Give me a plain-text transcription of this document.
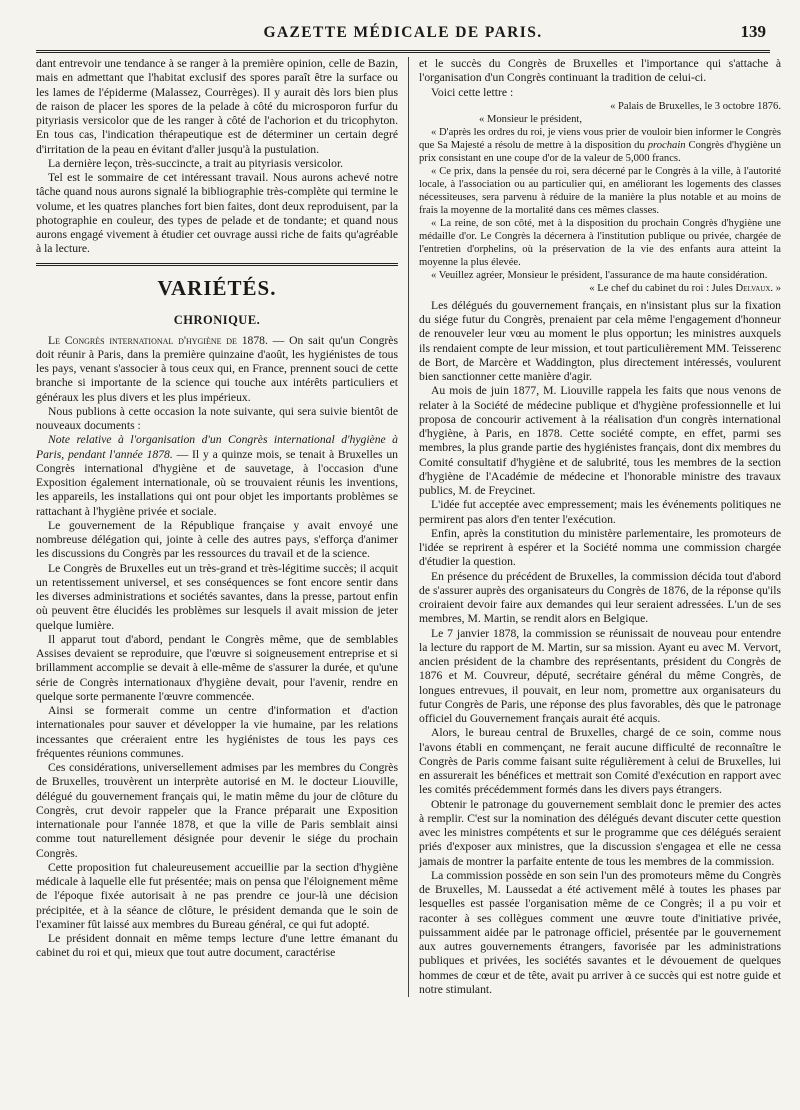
GAZETTE MÉDICALE DE PARIS.	139

dant entrevoir une tendance à se ranger à la première opinion, celle de Bazin, mais en admettant que l'habitat exclusif des spores paraît être la surface ou les lames de l'épiderme (Malassez, Courrèges). Il y aurait dès lors bien plus de raison de placer les spores de la pelade à côté du microsporon furfur du pityriasis versicolor que de les ranger à côté de l'achorion et du tricophyton. En tous cas, l'indication thérapeutique est de déterminer un certain degré d'irritation de la peau en évitant d'aller jusqu'à la pustulation.

La dernière leçon, très-succincte, a trait au pityriasis versicolor.

Tel est le sommaire de cet intéressant travail. Nous aurons achevé notre tâche quand nous aurons signalé la bibliographie très-complète qui termine le volume, et les quatres planches fort bien faites, dont deux reproduisent, par la photographie en couleur, des types de pelade et de tondante; et quand nous aurons engagé vivement à étudier cet ouvrage aussi riche de faits qu'agréable à la lecture.

VARIÉTÉS.
CHRONIQUE.

Le Congrès international d'hygiène de 1878. — On sait qu'un Congrès doit réunir à Paris, dans la première quinzaine d'août, les hygiénistes de tous les pays, venant s'associer à tous ceux qui, en France, prennent souci de cette branche si importante de la science qui touche aux intérêts particuliers et généraux les plus divers et les plus impérieux.

Nous publions à cette occasion la note suivante, qui sera suivie bientôt de nouveaux documents :

Note relative à l'organisation d'un Congrès international d'hygiène à Paris, pendant l'année 1878. — Il y a quinze mois, se tenait à Bruxelles un Congrès international d'hygiène et de sauvetage, à l'occasion d'une Exposition également internationale, où se trouvaient réunis les inventions, les appareils, les installations qui ont pour objet les importants problèmes se rattachant à l'hygiène privée et sociale.

Le gouvernement de la République française y avait envoyé une nombreuse délégation qui, jointe à celle des autres pays, s'efforça d'animer les discussions du Congrès par les ressources du travail et de la science.

Le Congrès de Bruxelles eut un très-grand et très-légitime succès; il acquit un retentissement universel, et ses conséquences se font encore sentir dans les diverses administrations et sociétés savantes, dans la presse, partout enfin où peuvent être élucidés les problèmes sur lesquels il avait mission de jeter quelque lumière.

Il apparut tout d'abord, pendant le Congrès même, que de semblables Assises devaient se reproduire, que l'œuvre si soigneusement entreprise et si brillamment accomplie se devait à elle-même de s'assurer la durée, et qu'une série de Congrès internationaux d'hygiène devait, pour l'avenir, rendre en quelque sorte permanente l'œuvre commencée.

Ainsi se formerait comme un centre d'information et d'action internationales pour sauver et développer la vie humaine, par les relations incessantes que créeraient entre les hygiénistes de tous les pays ces fréquentes réunions communes.

Ces considérations, universellement admises par les membres du Congrès de Bruxelles, trouvèrent un interprète autorisé en M. le docteur Liouville, délégué du gouvernement français qui, le matin même du jour de clôture du Congrès, crut devoir rappeler que la France préparait une Exposition internationale pour l'année 1878, et que la ville de Paris semblait ainsi comme tout naturellement désignée pour devenir le siége du prochain Congrès.

Cette proposition fut chaleureusement accueillie par la section d'hygiène médicale à laquelle elle fut présentée; mais on pensa que l'éloignement même de l'époque fixée autorisait à ne pas prendre ce jour-là une décision précipitée, et à la séance de clôture, le président demanda que le soin de l'examiner fût laissé aux membres du Bureau général, ce qui fut adopté.

Le président donnait en même temps lecture d'une lettre émanant du cabinet du roi et qui, mieux que tout autre document, caractérise

et le succès du Congrès de Bruxelles et l'importance qui s'attache à l'organisation d'un Congrès continuant la tradition de celui-ci.

Voici cette lettre :

« Palais de Bruxelles, le 3 octobre 1876.

« Monsieur le président,

« D'après les ordres du roi, je viens vous prier de vouloir bien informer le Congrès que Sa Majesté a résolu de mettre à la disposition du prochain Congrès d'hygiène un prix consistant en une coupe d'or de la valeur de 5,000 francs.

« Ce prix, dans la pensée du roi, sera décerné par le Congrès à la ville, à l'autorité locale, à l'association ou au particulier qui, en améliorant les logements des classes nécessiteuses, sera parvenu à réduire de la manière la plus notable et au moins de frais la moyenne de la mortalité dans ces mêmes classes.

« La reine, de son côté, met à la disposition du prochain Congrès d'hygiène une médaille d'or. Le Congrès la décernera à l'institution publique ou privée, chargée de l'entretien d'orphelins, où la préservation de la vie des enfants aura atteint la moyenne la plus élevée.

« Veuillez agréer, Monsieur le président, l'assurance de ma haute considération.

« Le chef du cabinet du roi : Jules Delvaux. »

Les délégués du gouvernement français, en n'insistant plus sur la fixation du siége futur du Congrès, prenaient par cela même l'engagement d'honneur de renouveler leur vœu au moment le plus opportun; les ministres auxquels ils rendaient compte de leur mission, et tout particulièrement MM. Teisserenc de Bort, de Marcère et Waddington, plus directement intéressés, voulurent bien sanctionner cette manière d'agir.

Au mois de juin 1877, M. Liouville rappela les faits que nous venons de relater à la Société de médecine publique et d'hygiène professionnelle et lui proposa de concourir activement à la réalisation d'un congrès international d'hygiène, à Paris, en 1878. Cette société compte, en effet, parmi ses membres, la plus grande partie des hygiénistes français, dont dix membres du Comité consultatif d'hygiène et de salubrité, tous les membres de la section d'hygiène de l'Académie de médecine et l'honorable ministre des travaux publics, M. de Freycinet.

L'idée fut acceptée avec empressement; mais les événements politiques ne permirent pas alors d'en tenter l'exécution.

Enfin, après la constitution du ministère parlementaire, les promoteurs de l'idée se reprirent à espérer et la Société nomma une commission chargée d'étudier la question.

En présence du précédent de Bruxelles, la commission décida tout d'abord de s'assurer auprès des organisateurs du Congrès de 1876, de la réponse qu'ils croiraient devoir faire aux demandes qui leur seraient adressées. L'un de ses membres, M. Martin, se rendit alors en Belgique.

Le 7 janvier 1878, la commission se réunissait de nouveau pour entendre la lecture du rapport de M. Martin, sur sa mission. Ayant eu avec M. Vervort, ancien président de la chambre des représentants, président du Congrès de 1876 et M. Couvreur, député, secrétaire général du même Congrès, de longues entrevues, il pouvait, en leur nom, promettre aux organisateurs du futur Congrès de Paris, une réponse des plus favorables, dès que le patronage officiel du Gouvernement français aurait été acquis.

Alors, le bureau central de Bruxelles, chargé de ce soin, comme nous l'avons établi en commençant, ne ferait aucune difficulté de reconnaître le Congrès de Paris comme faisant suite régulièrement à celui de Bruxelles, lui en assurerait les bénéfices et mettrait son Comité d'exécution en rapport avec les comités précédemment formés dans les divers pays étrangers.

Obtenir le patronage du gouvernement semblait donc le premier des actes à remplir. C'est sur la nomination des délégués devant discuter cette question avec les ministres compétents et sur le programme que ces délégués seraient priés d'exposer aux ministres, que la discussion s'engagea et elle ne cessa jamais de montrer la parfaite entente de tous les membres de la commission.

La commission possède en son sein l'un des promoteurs même du Congrès de Bruxelles, M. Laussedat a été activement mêlé à toutes les phases par lesquelles est passée l'organisation même de ce Congrès; il a pu voir et raconter à ses collègues comment une œuvre toute d'initiative privée, puissamment aidée par le patronage officiel, présentée par le gouvernement aux autres gouvernements étrangers, favorisée par les administrations publiques et privées, les sociétés savantes et le dévouement de quelques hommes de cœur et de tête, avait pu arriver à ce succès qui est notre guide et notre stimulant.
